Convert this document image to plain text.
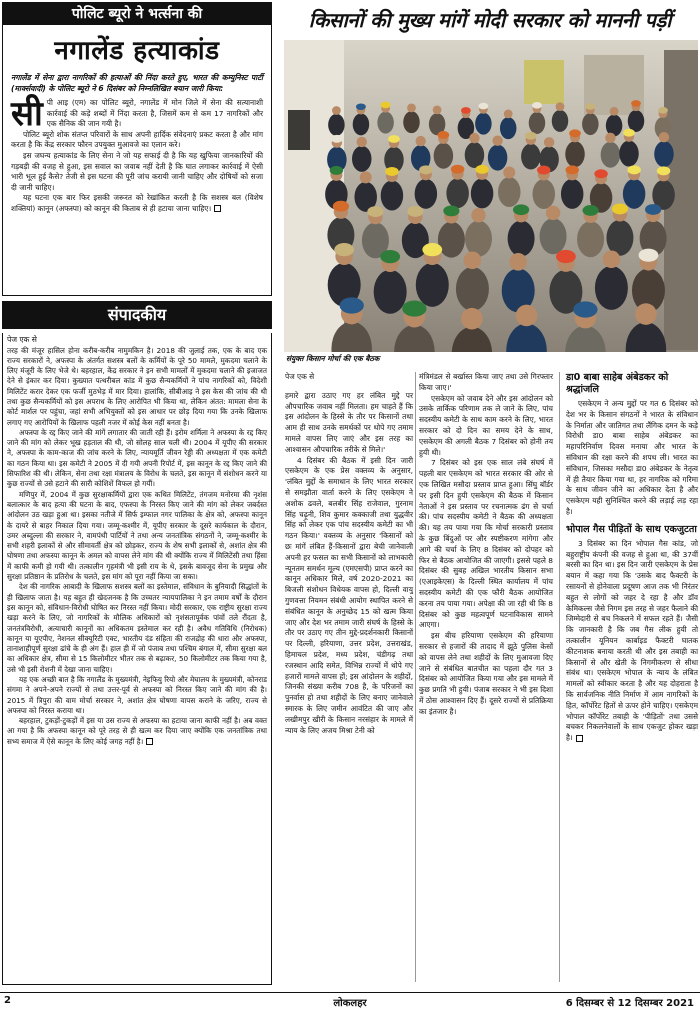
पोलिट ब्यूरो ने भर्त्सना की
नगालेंड हत्याकांड
नगालेंड में सेना द्वारा नागरिकों की हत्याओं की निंदा करते हुए, भारत की कम्युनिस्ट पार्टी (मार्क्सवादी) के पोलिट ब्यूरो ने 6 दिसंबर को निम्नलिखित बयान जारी किया:

सीपी आइ (एम) का पोलिट ब्यूरो, नगालेंड में मोन जिले में सेना की सत्यानाशी कार्रवाई की कड़े शब्दों में निंदा करता है, जिसमें कम से कम 17 नागरिकों और एक सैनिक की जान गयी है।

पोलिट ब्यूरो शोक संतप्त परिवारों के साथ अपनी हार्दिक संवेदनाएं प्रकट करता है और मांग करता है कि केंद्र सरकार फौरन उपयुक्त मुआवजे का एलान करे।

इस जघन्य हत्याकांड के लिए सेना ने जो यह सफाई दी है कि यह खुफिया जानकारियों की गड़बड़ी की वजह से हुआ, इस सवाल का जवाब नहीं देती है कि घात लगाकर कार्रवाई में ऐसी भारी भूल हुई कैसे? तेजी से इस घटना की पूरी जांच करायी जानी चाहिए और दोषियों को सजा दी जानी चाहिए।

यह घटना एक बार फिर इसकी जरूरत को रेखांकित करती है कि सशस्त्र बल (विशेष शक्तियां) कानून (अफस्पा) को कानून की किताब से ही हटाया जाना चाहिए।

संपादकीय
पेज एक से

तरह की मंजूर हासिल होना करीब-करीब नामुमकिन है। 2018 की जुलाई तक, एक के बाद एक राज्य सरकारों ने, अफस्पा के अंतर्गत सशस्त्र बलों के कर्मियों के पूरे 50 मामले, मुकदमा चलाने के लिए मंजूरी के लिए भेजे थे। बहरहाल, केंद्र सरकार ने इन सभी मामलों में मुकदमा चलाने की इजाजत देने से इंकार कर दिया। कुख्यात पत्थरीबल कांड में कुछ सैन्यकर्मियों ने पांच नागरिकों को, विदेशी मिलिटेंट करार देकर एक फर्जी मुठभेड़ में मार दिया। हालांकि, सीबीआइ ने इस केस की जांच की थी तथा कुछ सैन्यकर्मियों को इस अपराध के लिए आरोपित भी किया था, लेकिन अंतत: मामला सेना के कोर्ट मार्शल पर पहुंचा, जहां सभी अभियुक्तों को इस आधार पर छोड़ दिया गया कि उनके खिलाफ लगाए गए आरोपियों के खिलाफ पहली नजर में कोई केस नहीं बनता है।

अफस्पा के रद्द किए जाने की मांगें लगातार की जाती रही हैं। इरोम शर्मिला ने अफस्पा के रद्द किए जाने की मांग को लेकर भूख हड़ताल की थी, जो सोलह साल चली थी। 2004 में यूपीए की सरकार ने, अफस्पा के काम-काज की जांच करने के लिए, न्यायमूर्ति जीवन रेड्डी की अध्यक्षता में एक कमेटी का गठन किया था। इस कमेटी ने 2005 में दी गयी अपनी रिपोर्ट में, इस कानून के रद्द किए जाने की सिफारिश की थी। लेकिन, सेना तथा रक्षा मंत्रालय के विरोध के चलते, इस कानून में संशोधन करने या कुछ राज्यों से उसे हटाने की सारी कोशिशें विफल हो गयीं।

मणिपुर में, 2004 में कुछ सुरक्षाकर्मियों द्वारा एक कथित मिलिटेंट, तंगजम मनोरमा की नृशंस बलात्कार के बाद हत्या की घटना के बाद, एफस्पा के निरस्त किए जाने की मांग को लेकर जबर्दस्त आंदोलन उठ खड़ा हुआ था। इसका नतीजे में सिर्फ इम्फाल नगर पालिका के क्षेत्र को, अफस्पा कानून के दायरे से बाहर निकाल दिया गया। जम्मू-कश्मीर में, यूपीए सरकार के दूसरे कार्यकाल के दौरान, उमर अब्दुल्ला की सरकार ने, वामपंथी पार्टियों ने तथा अन्य जनतांत्रिक संगठनों ने, जम्मू-कश्मीर के सभी शहरी इलाकों से और सीमावर्ती क्षेत्र को छोड़कर, राज्य के शेष सभी इलाकों से, अशांत क्षेत्र की घोषणा तथा अफस्पा कानून के अमल को वापस लेने मांग की थी क्योंकि राज्य में मिलिटेंसी तथा हिंसा में काफी कमी हो गयी थी। तत्कालीन गृहमंत्री भी इसी राय के थे, इसके बावजूद सेना के प्रमुख और सुरक्षा प्रतिष्ठान के प्रतिरोध के चलते, इस मांग को पूरा नहीं किया जा सका।

देश की नागरिक आबादी के खिलाफ सशस्त्र बलों का इस्तेमाल, संविधान के बुनियादी सिद्धांतों के ही खिलाफ जाता है। यह बहुत ही खेदजनक है कि उच्चतर न्यायपालिका ने इन तमाम वर्षों के दौरान इस कानून को, संविधान-विरोधी घोषित कर निरस्त नहीं किया। मोदी सरकार, एक राष्ट्रीय सुरक्षा राज्य खड़ा करने के लिए, जो नागरिकों के मौलिक अधिकारों को नृशंसतापूर्वक पांवों तले रौंदता है, जनतंत्रविरोधी, अत्याचारी कानूनों का अधिकतम इस्तेमाल कर रही है। अवैध गतिविधि (निरोधक) कानून या यूएपीए, नेशनल सीक्यूरिटी एक्ट, भारतीय दंड संहिता की राजद्रोह की धारा और अफस्पा, तानाशाहीपूर्ण सुरक्षा ढांचे के ही अंग हैं। हाल ही में जो पंजाब तथा पश्चिम बंगाल में, सीमा सुरक्षा बल का अधिकार क्षेत्र, सीमा से 15 किलोमीटर भीतर तक से बढ़ाकर, 50 किलोमीटर तक किया गया है, उसे भी इसी रोशनी में देखा जाना चाहिए।

यह एक अच्छी बात है कि नगालैंड के मुख्यमंत्री, नेइफियु रियो और मेघालय के मुख्यमंत्री, कोनराड संगमा ने अपने-अपने राज्यों से तथा उत्तर-पूर्व से अफस्पा को निरस्त किए जाने की मांग की है। 2015 में त्रिपुरा की वाम मोर्चा सरकार ने, अशांत क्षेत्र घोषणा वापस कराने के जरिए, राज्य से अफस्पा को निरस्त कराया था।

बहरहाल, टुकड़ों-टुकड़ों में इस या उस राज्य से अफस्पा का हटाया जाना काफी नहीं है। अब वक्त आ गया है कि अफस्पा कानून को पूरे तरह से ही खत्म कर दिया जाए क्योंकि एक जनतांत्रिक तथा सभ्य समाज में ऐसे कानून के लिए कोई जगह नहीं है।

किसानों की मुख्य मांगें मोदी सरकार को माननी पड़ीं
संयुक्त किसान मोर्चा की एक बैठक
पेज एक से

हमारे द्वारा उठाए गए हर लंबित मुद्दे पर औपचारिक जवाब नहीं मिलता। हम चाहते हैं कि इस आंदोलन के हिस्से के तौर पर किसानों तथा आम ही साथ उनके समर्थकों पर थोपे गए तमाम मामले वापस लिए जाएं और इस तरह का आश्वासन औपचारिक तरीके से मिले।'

4 दिसंबर की बैठक में इसी दिन जारी एसकेएम के एक प्रेस वक्तव्य के अनुसार, 'लंबित मुद्दों के समाधान के लिए भारत सरकार से समझौता वार्ता करने के लिए एसकेएम ने अशोक ढवले, बलबीर सिंह राजेवाल, गुरनाम सिंह चढ़ूनी, शिव कुमार कक्काजी तथा युद्धवीर सिंह को लेकर एक पांच सदस्यीय कमेटी का भी गठन किया।' वक्तव्य के अनुसार 'किसानों को छः मांगें लंबित हैं-किसानों द्वारा बेची जानेवाली अपनी हर फसल का सभी किसानों को लाभकारी न्यूनतम समर्थन मूल्य (एमएसपी) प्राप्त करने का कानून अधिकार मिले, वर्ष 2020-2021 का बिजली संशोधन विधेयक वापस हो, दिल्ली वायु गुणवत्ता नियमन संबंधी आयोग स्थापित करने से संबंधित कानून के अनुच्छेद 15 को खत्म किया जाए और देश भर तमाम जारी संघर्ष के हिस्से के तौर पर उठाए गए तीन मुद्दे-प्रदर्शनकारी किसानों पर दिल्ली, हरियाणा, उत्तर प्रदेश, उत्तराखंड, हिमाचल प्रदेश, मध्य प्रदेश, चंडीगढ़ तथा रजस्थान आदि समेत, विभिन्न राज्यों में थोपे गए हजारों मामले वापस हों; इस आंदोलन के शहीदों, जिनकी संख्या करीब 708 है, के परिजनों का पुनर्वास हो तथा शहीदों के लिए बनाए जानेवाले स्मारक के लिए जमीन आवंटित की जाए और लखीमपुर खीरी के किसान नरसंहार के मामले में न्याय के लिए अजय मिश्रा टेनी को

मंत्रिमंडल से बर्खास्त किया जाए तथा उसे गिरफ्तार किया जाए।'

एसकेएम को जवाब देने और इस आंदोलन को उसके तार्किक परिणाम तक ले जाने के लिए, पांच सदस्यीय कमेटी के साथ काम करने के लिए, भारत सरकार को दो दिन का समय देने के साथ, एसकेएम की अगली बैठक 7 दिसंबर को होनी तय हुयी थी।

7 दिसंबर को इस एक साल लंबे संघर्ष में पहली बार एसकेएम को भारत सरकार की ओर से एक लिखित मसौदा प्रस्ताव प्राप्त हुआ। सिंघु बॉर्डर पर इसी दिन हुयी एसकेएम की बैठक में किसान नेताओं ने इस प्रस्ताव पर रचनात्मक ढंग से चर्चा की। पांच सदस्यीय कमेटी ने बैठक की अध्यक्षता की। यह तय पाया गया कि मोर्चा सरकारी प्रस्ताव के कुछ बिंदुओं पर और स्पष्टीकरण मांगेगा और आगे की चर्चा के लिए 8 दिसंबर को दोपहर को फिर से बैठक आयोजित की जाएगी। इससे पहले 8 दिसंबर की सुबह अखिल भारतीय किसान सभा (एआइकेएस) के दिल्ली स्थित कार्यालय में पांच सदस्यीय कमेटी की एक फौरी बैठक आयोजित करना तय पाया गया। अपेक्षा की जा रही थी कि 8 दिसंबर को कुछ महत्वपूर्ण घटनाविकास सामने आएगा।

इस बीच हरियाणा एसकेएम की हरियाणा सरकार से हजारों की तादाद में झूठे पुलिस केसों को वापस लेने तथा शहीदों के लिए मुआवजा दिए जाने से संबंधित बातचीत का पहला दौर गत 3 दिसंबर को आयोजित किया गया और इस मामले में कुछ प्रगति भी हुयी। पंजाब सरकार ने भी इस दिशा में ठोस आश्वासन दिए हैं। दूसरे राज्यों से प्रतिक्रिया का इंतजार है।

डा0 बाबा साहेब अंबेडकर को श्रद्धांजलि

एसकेएम ने अन्य मुद्दों पर गत 6 दिसंबर को देश भर के किसान संगठनों ने भारत के संविधान के निर्माता और जातिगत तथा लैंगिक दमन के कड़े विरोधी डा0 बाबा साहेब अंबेडकर का महापरिनिर्वाण दिवस मनाया और भारत के संविधान की रक्षा करने की शपथ ली। भारत का संविधान, जिसका मसौदा डा0 अंबेडकर के नेतृत्व में ही तैयार किया गया था, हर नागरिक को गरिमा के साथ जीवन जीने का अधिकार देता है और एसकेएम यही सुनिश्चित करने की लड़ाई लड़ रहा है।

भोपाल गैस पीड़ितों के साथ एकजुटता

3 दिसंबर का दिन भोपाल गैस कांड, जो बहुराष्ट्रीय कंपनी की वजह से हुआ था, की 37वीं बरसी का दिन था। इस दिन जारी एसकेएम के प्रेस बयान में कहा गया कि 'उसके बाद फैक्टरी के रसायनों से होनेवाला प्रदूषण आज तक भी निरंतर बहुत से लोगों को जहर दे रहा है और डॉव केमिकल्स जैसे निगम इस तरह से जहर फैलाने की जिम्मेदारी से बच निकलने में सफल रहते हैं। जैसी कि जानकारी है कि जब गैस लीक हुयी तो तत्कालीन यूनियन कार्बाइड फैक्टरी घातक कीटनाशक बनाया करती थी और इस तबाही का किसानों से और खेती के निगमीकरण से सीधा संबंध था। एसकेएम भोपाल के न्याय के लंबित मामलों को स्वीकार करता है और यह दोहराता है कि सार्वजनिक नीति निर्माण में आम नागरिकों के हित, कॉर्पोरेट हितों से ऊपर होने चाहिए। एसकेएम भोपाल कॉर्पोरेट तबाही के 'पीड़ितों' तथा उससे बचकर निकलनेवालों के साथ एकजुट होकर खड़ा है।

2	लोकलहर	6 दिसम्बर से 12 दिसम्बर 2021
